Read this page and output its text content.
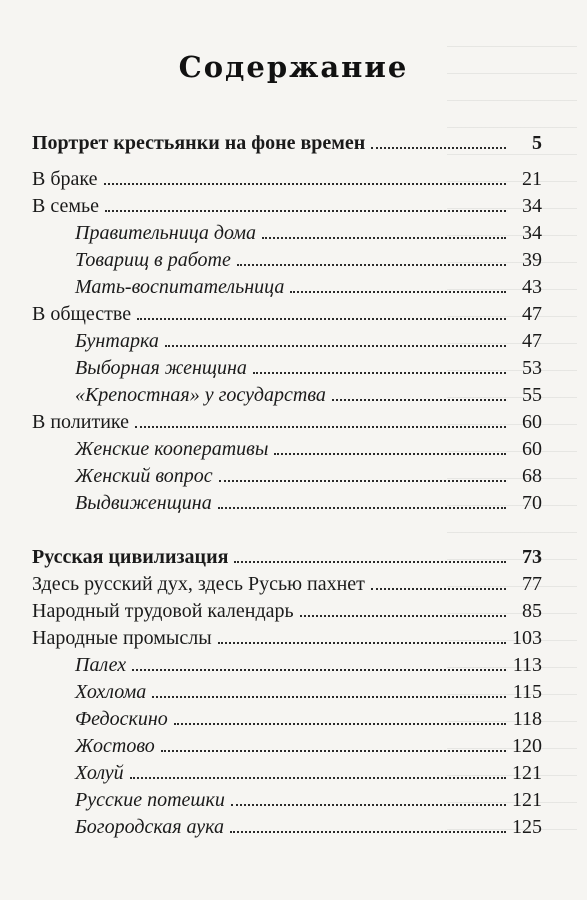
Содержание
Портрет крестьянки на фоне времен	5
В браке	21
В семье	34
Правительница дома	34
Товарищ в работе	39
Мать-воспитательница	43
В обществе	47
Бунтарка	47
Выборная женщина	53
«Крепостная» у государства	55
В политике	60
Женские кооперативы	60
Женский вопрос	68
Выдвиженщина	70
Русская цивилизация	73
Здесь русский дух, здесь Русью пахнет	77
Народный трудовой календарь	85
Народные промыслы	103
Палех	113
Хохлома	115
Федоскино	118
Жостово	120
Холуй	121
Русские потешки	121
Богородская аука	125
